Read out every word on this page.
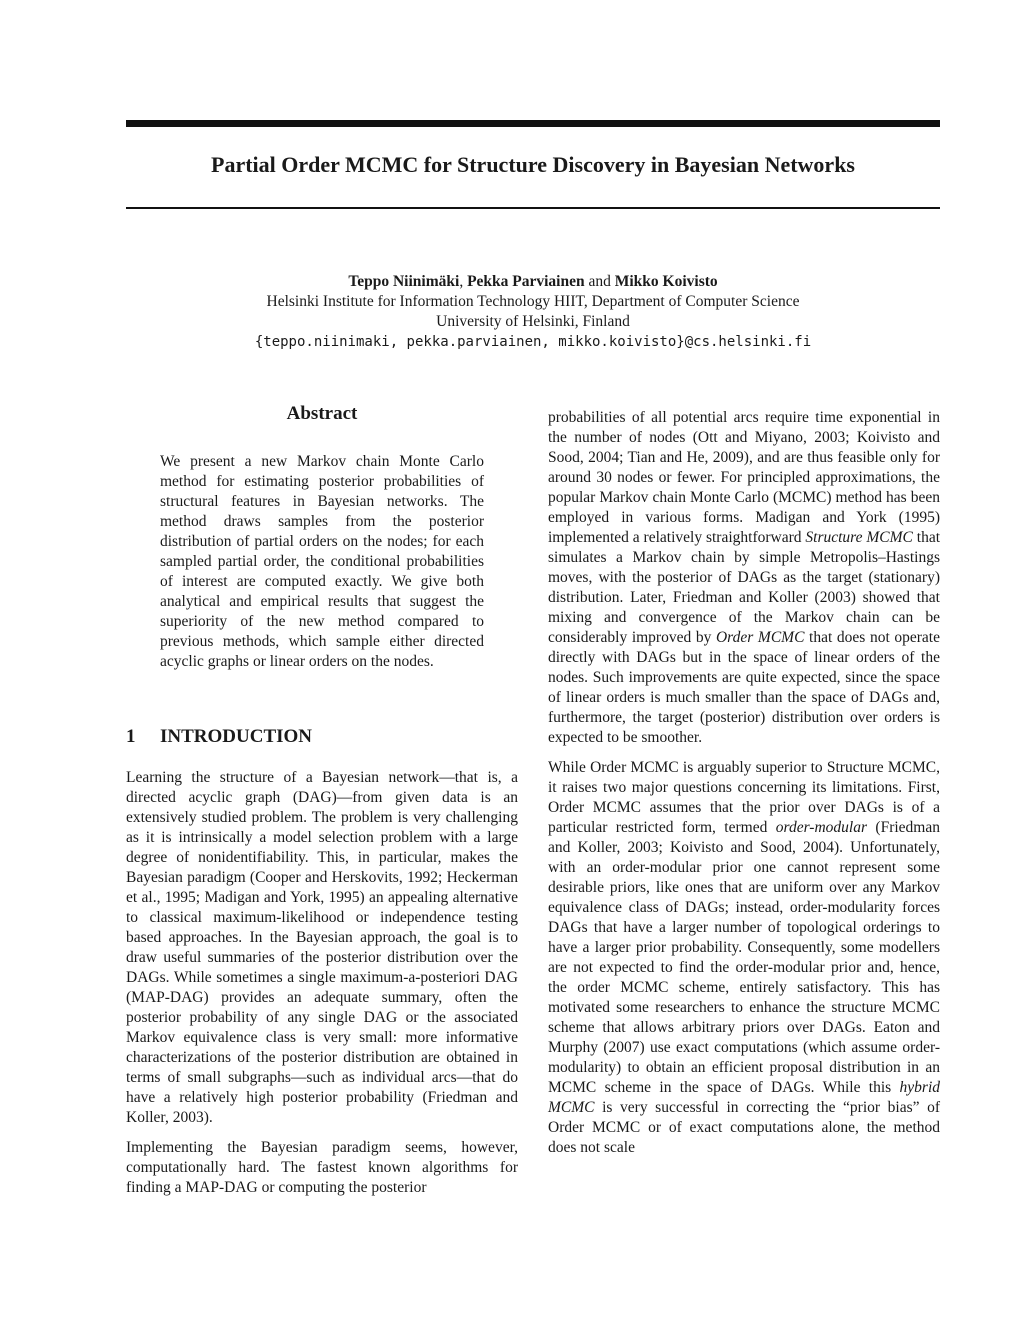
Partial Order MCMC for Structure Discovery in Bayesian Networks
Teppo Niinimäki, Pekka Parviainen and Mikko Koivisto
Helsinki Institute for Information Technology HIIT, Department of Computer Science
University of Helsinki, Finland
{teppo.niinimaki, pekka.parviainen, mikko.koivisto}@cs.helsinki.fi
Abstract

We present a new Markov chain Monte Carlo method for estimating posterior probabilities of structural features in Bayesian networks. The method draws samples from the posterior distribution of partial orders on the nodes; for each sampled partial order, the conditional probabilities of interest are computed exactly. We give both analytical and empirical results that suggest the superiority of the new method compared to previous methods, which sample either directed acyclic graphs or linear orders on the nodes.

1 INTRODUCTION

Learning the structure of a Bayesian network—that is, a directed acyclic graph (DAG)—from given data is an extensively studied problem. The problem is very challenging as it is intrinsically a model selection problem with a large degree of nonidentifiability. This, in particular, makes the Bayesian paradigm (Cooper and Herskovits, 1992; Heckerman et al., 1995; Madigan and York, 1995) an appealing alternative to classical maximum-likelihood or independence testing based approaches. In the Bayesian approach, the goal is to draw useful summaries of the posterior distribution over the DAGs. While sometimes a single maximum-a-posteriori DAG (MAP-DAG) provides an adequate summary, often the posterior probability of any single DAG or the associated Markov equivalence class is very small: more informative characterizations of the posterior distribution are obtained in terms of small subgraphs—such as individual arcs—that do have a relatively high posterior probability (Friedman and Koller, 2003).

Implementing the Bayesian paradigm seems, however, computationally hard. The fastest known algorithms for finding a MAP-DAG or computing the posterior

probabilities of all potential arcs require time exponential in the number of nodes (Ott and Miyano, 2003; Koivisto and Sood, 2004; Tian and He, 2009), and are thus feasible only for around 30 nodes or fewer. For principled approximations, the popular Markov chain Monte Carlo (MCMC) method has been employed in various forms. Madigan and York (1995) implemented a relatively straightforward Structure MCMC that simulates a Markov chain by simple Metropolis–Hastings moves, with the posterior of DAGs as the target (stationary) distribution. Later, Friedman and Koller (2003) showed that mixing and convergence of the Markov chain can be considerably improved by Order MCMC that does not operate directly with DAGs but in the space of linear orders of the nodes. Such improvements are quite expected, since the space of linear orders is much smaller than the space of DAGs and, furthermore, the target (posterior) distribution over orders is expected to be smoother.

While Order MCMC is arguably superior to Structure MCMC, it raises two major questions concerning its limitations. First, Order MCMC assumes that the prior over DAGs is of a particular restricted form, termed order-modular (Friedman and Koller, 2003; Koivisto and Sood, 2004). Unfortunately, with an order-modular prior one cannot represent some desirable priors, like ones that are uniform over any Markov equivalence class of DAGs; instead, order-modularity forces DAGs that have a larger number of topological orderings to have a larger prior probability. Consequently, some modellers are not expected to find the order-modular prior and, hence, the order MCMC scheme, entirely satisfactory. This has motivated some researchers to enhance the structure MCMC scheme that allows arbitrary priors over DAGs. Eaton and Murphy (2007) use exact computations (which assume order-modularity) to obtain an efficient proposal distribution in an MCMC scheme in the space of DAGs. While this hybrid MCMC is very successful in correcting the “prior bias” of Order MCMC or of exact computations alone, the method does not scale
